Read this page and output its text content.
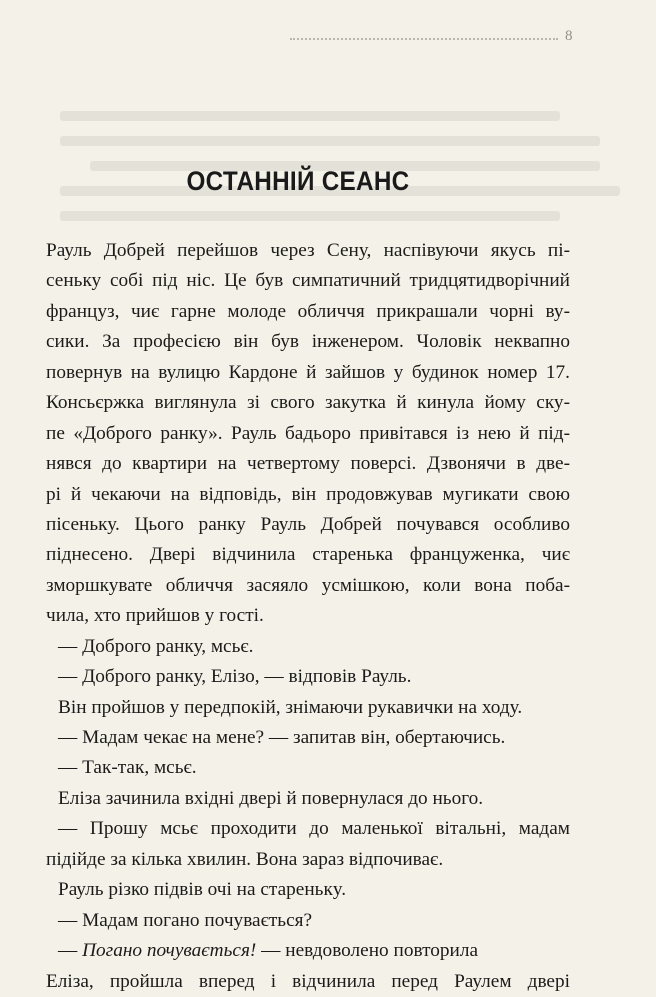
8
ОСТАННІЙ СЕАНС
Рауль Добрей перейшов через Сену, наспівуючи якусь пі-
сеньку собі під ніс. Це був симпатичний тридцятидворічний
француз, чиє гарне молоде обличчя прикрашали чорні ву-
сики. За професією він був інженером. Чоловік неквапно
повернув на вулицю Кардоне й зайшов у будинок номер 17.
Консьєржка виглянула зі свого закутка й кинула йому ску-
пе «Доброго ранку». Рауль бадьоро привітався із нею й під-
нявся до квартири на четвертому поверсі. Дзвонячи в две-
рі й чекаючи на відповідь, він продовжував мугикати свою
пісеньку. Цього ранку Рауль Добрей почувався особливо
піднесено. Двері відчинила старенька француженка, чиє
зморшкувате обличчя засяяло усмішкою, коли вона поба-
чила, хто прийшов у гості.
— Доброго ранку, мсьє.
— Доброго ранку, Елізо, — відповів Рауль.
Він пройшов у передпокій, знімаючи рукавички на ходу.
— Мадам чекає на мене? — запитав він, обертаючись.
— Так-так, мсьє.
Еліза зачинила вхідні двері й повернулася до нього.
— Прошу мсьє проходити до маленької вітальні, мадам
підійде за кілька хвилин. Вона зараз відпочиває.
Рауль різко підвів очі на старенькy.
— Мадам погано почувається?
— Поганo почувається! — невдоволено повторила
Еліза, пройшла вперед і відчинила перед Раулем двері
